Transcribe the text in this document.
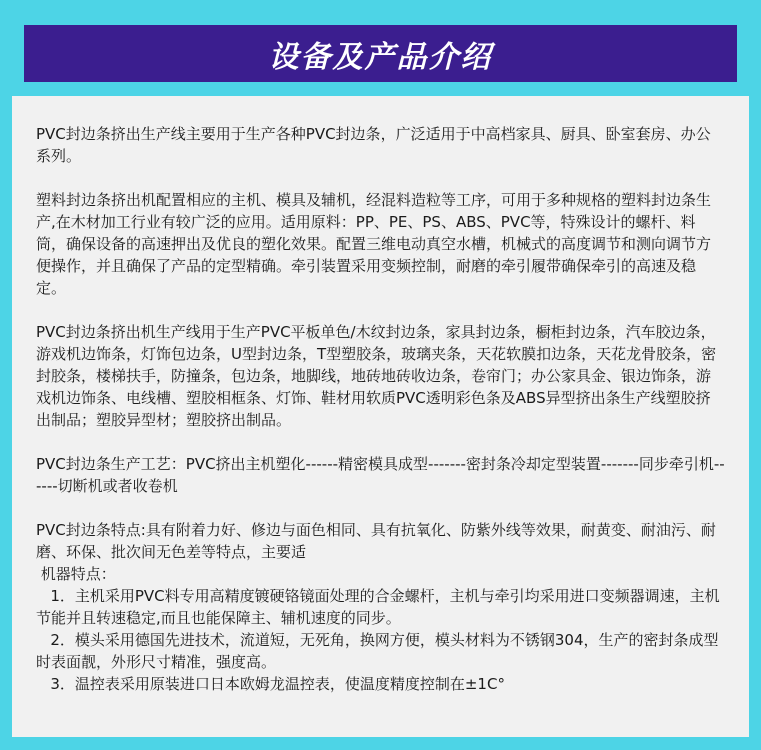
设备及产品介绍

PVC封边条挤出生产线主要用于生产各种PVC封边条，广泛适用于中高档家具、厨具、卧室套房、办公系列。

塑料封边条挤出机配置相应的主机、模具及辅机，经混料造粒等工序，可用于多种规格的塑料封边条生产,在木材加工行业有较广泛的应用。适用原料：PP、PE、PS、ABS、PVC等，特殊设计的螺杆、料筒，确保设备的高速押出及优良的塑化效果。配置三维电动真空水槽，机械式的高度调节和测向调节方便操作，并且确保了产品的定型精确。牵引装置采用变频控制，耐磨的牵引履带确保牵引的高速及稳定。

PVC封边条挤出机生产线用于生产PVC平板单色/木纹封边条，家具封边条，橱柜封边条，汽车胶边条，游戏机边饰条，灯饰包边条，U型封边条，T型塑胶条，玻璃夹条，天花软膜扣边条，天花龙骨胶条，密封胶条，楼梯扶手，防撞条，包边条，地脚线，地砖地砖收边条，卷帘门；办公家具金、银边饰条，游戏机边饰条、电线槽、塑胶相框条、灯饰、鞋材用软质PVC透明彩色条及ABS异型挤出条生产线塑胶挤出制品；塑胶异型材；塑胶挤出制品。

PVC封边条生产工艺：PVC挤出主机塑化------精密模具成型-------密封条冷却定型装置-------同步牵引机------切断机或者收卷机

PVC封边条特点:具有附着力好、修边与面色相同、具有抗氧化、防紫外线等效果，耐黄变、耐油污、耐磨、环保、批次间无色差等特点，主要适

机器特点：

1．主机采用PVC料专用高精度镀硬铬镜面处理的合金螺杆，主机与牵引均采用进口变频器调速，主机节能并且转速稳定,而且也能保障主、辅机速度的同步。
2．模头采用德国先进技术，流道短，无死角，换网方便，模头材料为不锈钢304，生产的密封条成型时表面靓，外形尺寸精准，强度高。
3．温控表采用原装进口日本欧姆龙温控表，使温度精度控制在±1C°
